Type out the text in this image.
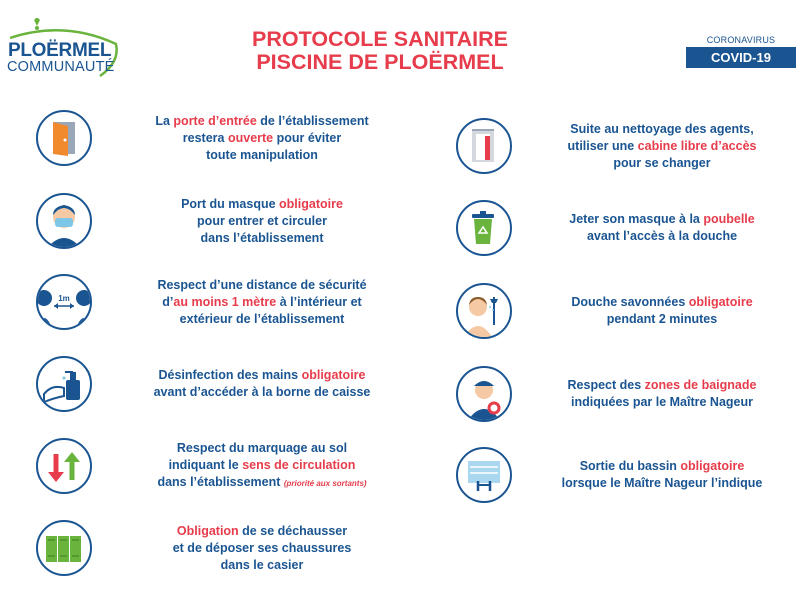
PLOËRMEL
COMMUNAUTÉ
PROTOCOLE SANITAIRE
PISCINE DE PLOËRMEL
CORONAVIRUS
COVID-19
La porte d’entrée de l’établissement
restera ouverte pour éviter
toute manipulation
Port du masque obligatoire
pour entrer et circuler
dans l’établissement
1m
Respect d’une distance de sécurité
d’au moins 1 mètre à l’intérieur et
extérieur de l’établissement
Désinfection des mains obligatoire
avant d’accéder à la borne de caisse
Respect du marquage au sol
indiquant le sens de circulation
dans l’établissement (priorité aux sortants)
Obligation de se déchausser
et de déposer ses chaussures
dans le casier
Suite au nettoyage des agents,
utiliser une cabine libre d’accès
pour se changer
Jeter son masque à la poubelle
avant l’accès à la douche
Douche savonnées obligatoire
pendant 2 minutes
Respect des zones de baignade
indiquées par le Maître Nageur
Sortie du bassin obligatoire
lorsque le Maître Nageur l’indique
